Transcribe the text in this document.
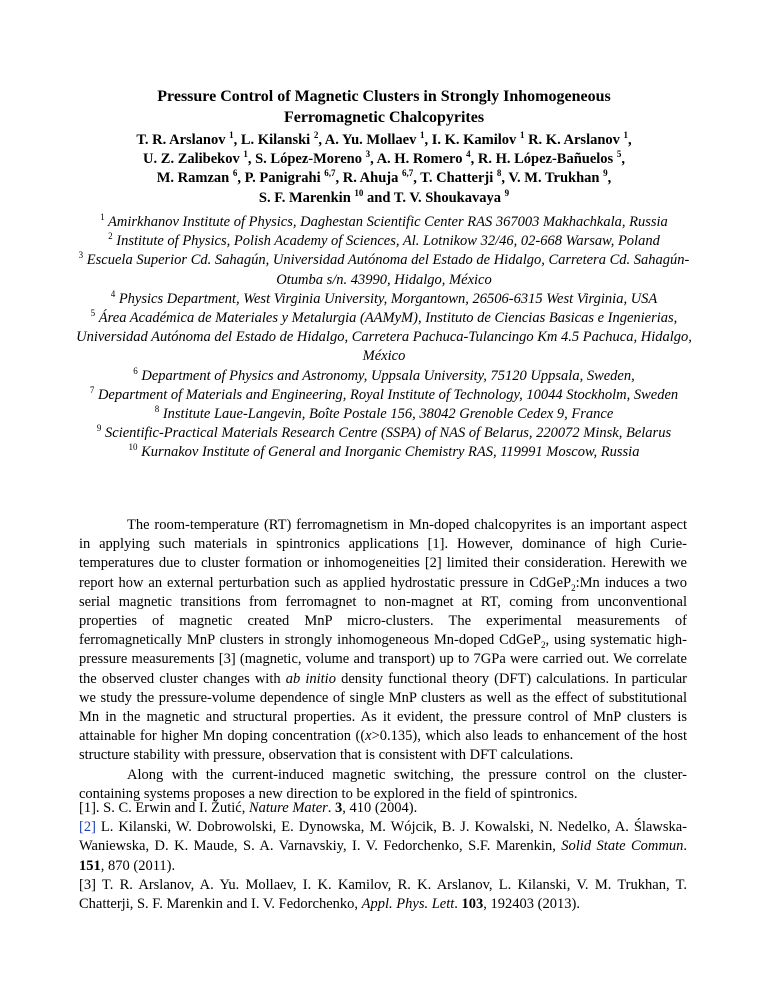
Pressure Control of Magnetic Clusters in Strongly Inhomogeneous
Ferromagnetic Chalcopyrites
T. R. Arslanov $^1$, L. Kilanski $^2$, A. Yu. Mollaev $^1$, I. K. Kamilov $^1$ R. K. Arslanov $^1$,
U. Z. Zalibekov $^1$, S. López-Moreno $^3$, A. H. Romero $^4$, R. H. López-Bañuelos $^5$,
M. Ramzan $^6$, P. Panigrahi $^{6,7}$, R. Ahuja $^{6,7}$, T. Chatterji $^8$, V. M. Trukhan $^9$,
S. F. Marenkin $^{10}$ and T. V. Shoukavaya $^9$

$^1$ Amirkhanov Institute of Physics, Daghestan Scientific Center RAS 367003 Makhachkala, Russia

$^2$ Institute of Physics, Polish Academy of Sciences, Al. Lotnikow 32/46, 02-668 Warsaw, Poland

$^3$ Escuela Superior Cd. Sahagún, Universidad Autónoma del Estado de Hidalgo, Carretera Cd. Sahagún-Otumba s/n. 43990, Hidalgo, México

$^4$ Physics Department, West Virginia University, Morgantown, 26506-6315 West Virginia, USA

$^5$ Área Académica de Materiales y Metalurgia (AAMyM), Instituto de Ciencias Basicas e Ingenierias, Universidad Autónoma del Estado de Hidalgo, Carretera Pachuca-Tulancingo Km 4.5 Pachuca, Hidalgo, México

$^6$ Department of Physics and Astronomy, Uppsala University, 75120 Uppsala, Sweden,

$^7$ Department of Materials and Engineering, Royal Institute of Technology, 10044 Stockholm, Sweden

$^8$ Institute Laue-Langevin, Boîte Postale 156, 38042 Grenoble Cedex 9, France

$^9$ Scientific-Practical Materials Research Centre (SSPA) of NAS of Belarus, 220072 Minsk, Belarus

$^{10}$ Kurnakov Institute of General and Inorganic Chemistry RAS, 119991 Moscow, Russia

The room-temperature (RT) ferromagnetism in Mn-doped chalcopyrites is an important aspect in applying such materials in spintronics applications [1]. However, dominance of high Curie-temperatures due to cluster formation or inhomogeneities [2] limited their consideration. Herewith we report how an external perturbation such as applied hydrostatic pressure in CdGeP$_2$:Mn induces a two serial magnetic transitions from ferromagnet to non-magnet at RT, coming from unconventional properties of magnetic created MnP micro-clusters. The experimental measurements of ferromagnetically MnP clusters in strongly inhomogeneous Mn-doped CdGeP$_2$, using systematic high-pressure measurements [3] (magnetic, volume and transport) up to 7GPa were carried out. We correlate the observed cluster changes with ab initio density functional theory (DFT) calculations. In particular we study the pressure-volume dependence of single MnP clusters as well as the effect of substitutional Mn in the magnetic and structural properties. As it evident, the pressure control of MnP clusters is attainable for higher Mn doping concentration ((x>0.135), which also leads to enhancement of the host structure stability with pressure, observation that is consistent with DFT calculations.

Along with the current-induced magnetic switching, the pressure control on the cluster-containing systems proposes a new direction to be explored in the field of spintronics.

[1]. S. C. Erwin and I. Žutić, Nature Mater. 3, 410 (2004).

[2] L. Kilanski, W. Dobrowolski, E. Dynowska, M. Wójcik, B. J. Kowalski, N. Nedelko, A. Ślawska-Waniewska, D. K. Maude, S. A. Varnavskiy, I. V. Fedorchenko, S.F. Marenkin, Solid State Commun. 151, 870 (2011).

[3] T. R. Arslanov, A. Yu. Mollaev, I. K. Kamilov, R. K. Arslanov, L. Kilanski, V. M. Trukhan, T. Chatterji, S. F. Marenkin and I. V. Fedorchenko, Appl. Phys. Lett. 103, 192403 (2013).
